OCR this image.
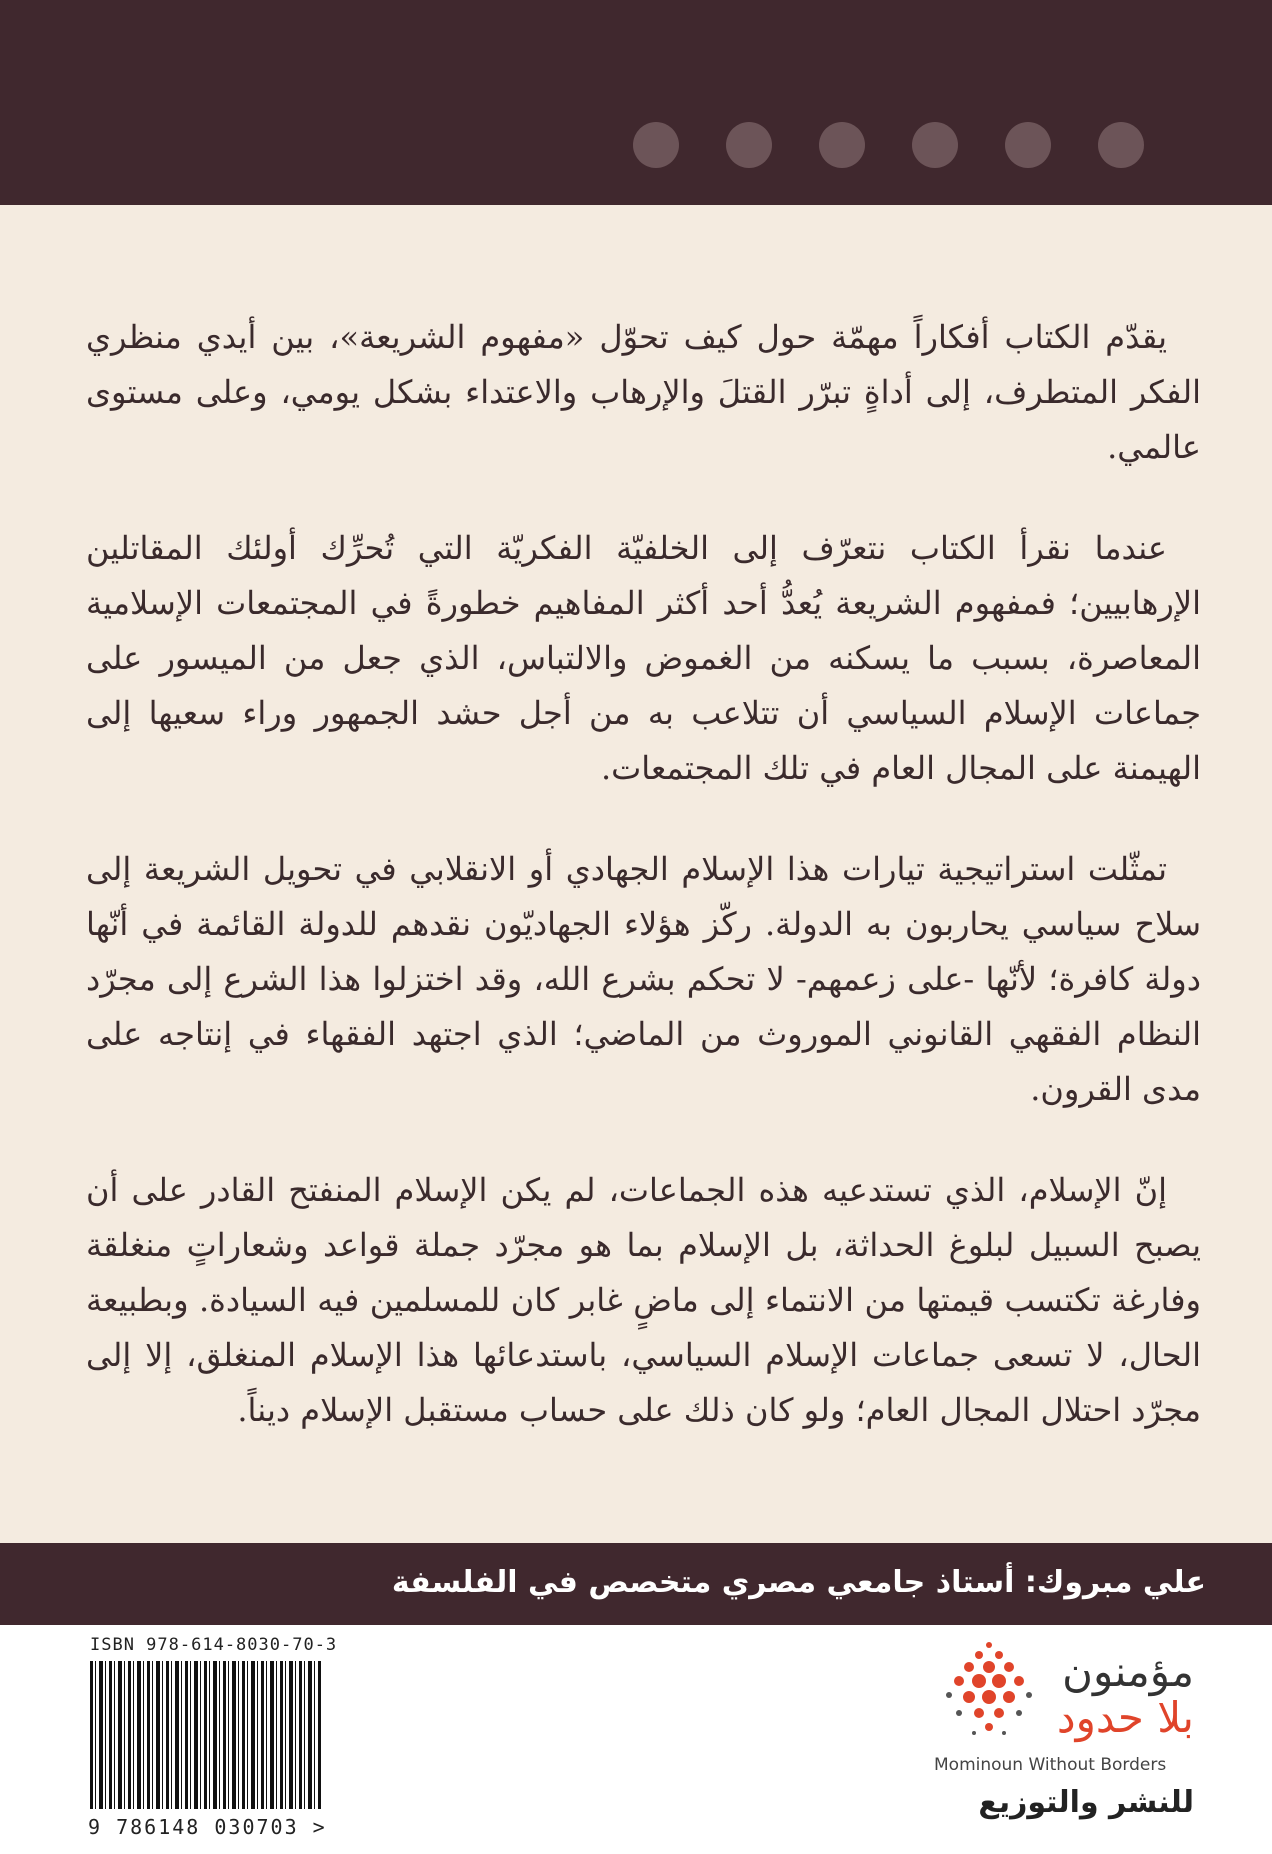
يقدّم الكتاب أفكاراً مهمّة حول كيف تحوّل «مفهوم الشريعة»، بين أيدي منظري الفكر المتطرف، إلى أداةٍ تبرّر القتلَ والإرهاب والاعتداء بشكل يومي، وعلى مستوى عالمي.

عندما نقرأ الكتاب نتعرّف إلى الخلفيّة الفكريّة التي تُحرِّك أولئك المقاتلين الإرهابيين؛ فمفهوم الشريعة يُعدُّ أحد أكثر المفاهيم خطورةً في المجتمعات الإسلامية المعاصرة، بسبب ما يسكنه من الغموض والالتباس، الذي جعل من الميسور على جماعات الإسلام السياسي أن تتلاعب به من أجل حشد الجمهور وراء سعيها إلى الهيمنة على المجال العام في تلك المجتمعات.

تمثّلت استراتيجية تيارات هذا الإسلام الجهادي أو الانقلابي في تحويل الشريعة إلى سلاح سياسي يحاربون به الدولة. ركّز هؤلاء الجهاديّون نقدهم للدولة القائمة في أنّها دولة كافرة؛ لأنّها -على زعمهم- لا تحكم بشرع الله، وقد اختزلوا هذا الشرع إلى مجرّد النظام الفقهي القانوني الموروث من الماضي؛ الذي اجتهد الفقهاء في إنتاجه على مدى القرون.

إنّ الإسلام، الذي تستدعيه هذه الجماعات، لم يكن الإسلام المنفتح القادر على أن يصبح السبيل لبلوغ الحداثة، بل الإسلام بما هو مجرّد جملة قواعد وشعاراتٍ منغلقة وفارغة تكتسب قيمتها من الانتماء إلى ماضٍ غابر كان للمسلمين فيه السيادة. وبطبيعة الحال، لا تسعى جماعات الإسلام السياسي، باستدعائها هذا الإسلام المنغلق، إلا إلى مجرّد احتلال المجال العام؛ ولو كان ذلك على حساب مستقبل الإسلام ديناً.

علي مبروك: أستاذ جامعي مصري متخصص في الفلسفة
ISBN 978-614-8030-70-3
9 786148 030703 >
مؤمنون
بلا حدود
Mominoun Without Borders
للنشر والتوزيع
